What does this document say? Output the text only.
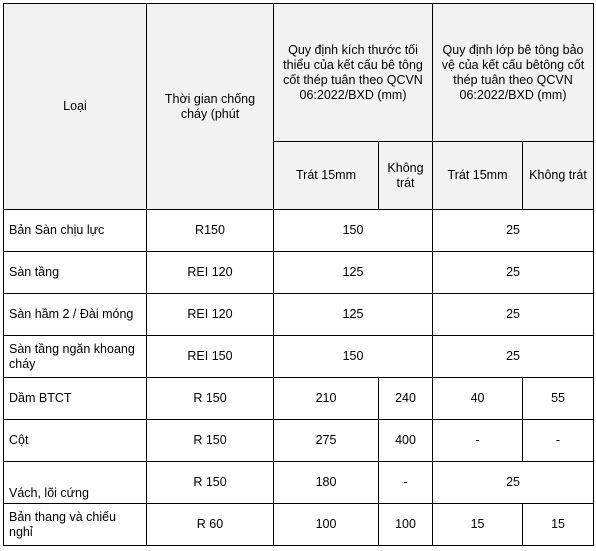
Loại	Thời gian chống cháy (phút	Quy định kích thước tối thiểu của kết cấu bê tông cốt thép tuân theo QCVN 06:2022/BXD (mm)		Quy định lớp bê tông bảo vệ của kết cấu bêtông cốt thép tuân theo QCVN 06:2022/BXD (mm)	
		Trát 15mm	Không trát	Trát 15mm	Không trát
Bản Sàn chịu lực	R150	150		25	
Sàn tầng	REI 120	125		25	
Sàn hầm 2 / Đài móng	REI 120	125		25	
Sàn tầng ngăn khoang cháy	REI 150	150		25	
Dầm BTCT	R 150	210	240	40	55
Cột	R 150	275	400	-	-
Vách, lõi cứng	R 150	180	-	25	
Bản thang và chiếu nghỉ	R 60	100	100	15	15
